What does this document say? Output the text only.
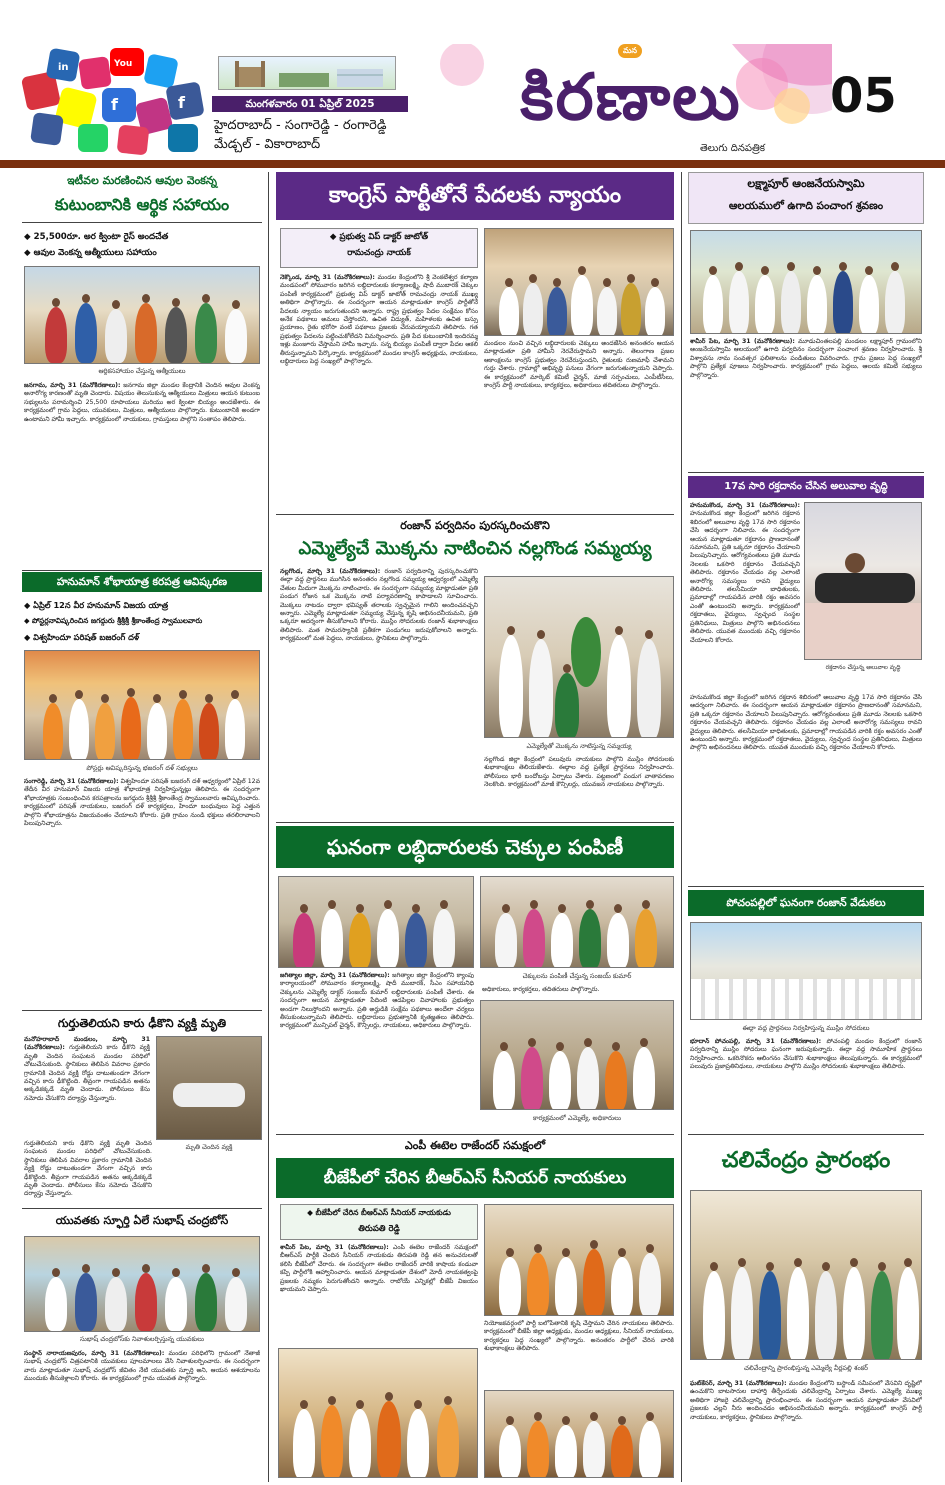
in	You
f
f	మంగళవారం 01 ఏప్రిల్ 2025
హైదరాబాద్ - సంగారెడ్డి - రంగారెడ్డి
మేడ్చల్ - వికారాబాద్
మన
కిరణాలు
తెలుగు దినపత్రిక
05
ఇటీవల మరణించిన ఆవుల వెంకన్న
కుటుంబానికి ఆర్థిక సహాయం
◆ 25,500రూ. అర క్వింటా రైస్ అందచేత
◆ ఆవుల వెంకన్న ఆత్మీయులు సహాయం
ఆర్థికసహాయం చేస్తున్న ఆత్మీయులు
జనగామ, మార్చి 31 (మనోకిరణాలు): జనగామ జిల్లా మండల కేంద్రానికి చెందిన ఆవుల వెంకన్న అనారోగ్య కారణంతో మృతి చెందారు. విషయం తెలుసుకున్న ఆత్మీయులు మిత్రులు ఆయన కుటుంబ సభ్యులను పరామర్శించి 25,500 రూపాయలు మరియు అర క్వింటా బియ్యం అందజేశారు. ఈ కార్యక్రమంలో గ్రామ పెద్దలు, యువకులు, మిత్రులు, ఆత్మీయులు పాల్గొన్నారు. కుటుంబానికి అండగా ఉంటామని హామీ ఇచ్చారు. కార్యక్రమంలో నాయకులు, గ్రామస్తులు పాల్గొని సంతాపం తెలిపారు.
హనుమాన్ శోభాయాత్ర కరపత్ర ఆవిష్కరణ
◆ ఏప్రిల్ 12న వీర హనుమాన్ విజయ యాత్ర
◆ పోస్టర్లనావిష్కరించిన జగద్గురు శ్రీశ్రీశ్రీ శ్రీకాంతేంద్ర స్వాములవారు
◆ విశ్వహిందూ పరిషత్ బజరంగ్ దళ్
పోస్టర్లు ఆవిష్కరిస్తున్న భజరంగ్ దళ్ సభ్యులు
సంగారెడ్డి, మార్చి 31 (మనోకిరణాలు): విశ్వహిందూ పరిషత్ బజరంగ్ దళ్ ఆధ్వర్యంలో ఏప్రిల్ 12వ తేదీన వీర హనుమాన్ విజయ యాత్ర శోభాయాత్ర నిర్వహిస్తున్నట్లు తెలిపారు. ఈ సందర్భంగా శోభాయాత్రకు సంబంధించిన కరపత్రాలను జగద్గురు శ్రీశ్రీశ్రీ శ్రీకాంతేంద్ర స్వాములవారు ఆవిష్కరించారు. కార్యక్రమంలో పరిషత్ నాయకులు, బజరంగ్ దళ్ కార్యకర్తలు, హిందూ బంధువులు పెద్ద ఎత్తున పాల్గొని శోభాయాత్రను విజయవంతం చేయాలని కోరారు. ప్రతి గ్రామం నుండి భక్తులు తరలిరావాలని పిలుపునిచ్చారు.
గుర్తుతెలియని కారు ఢీకొని వ్యక్తి మృతి
మనోహరాబాద్ మండలం, మార్చి 31 (మనోకిరణాలు): గుర్తుతెలియని కారు ఢీకొని వ్యక్తి మృతి చెందిన సంఘటన మండల పరిధిలో చోటుచేసుకుంది. స్థానికులు తెలిపిన వివరాల ప్రకారం గ్రామానికి చెందిన వ్యక్తి రోడ్డు దాటుతుండగా వేగంగా వచ్చిన కారు ఢీకొట్టింది. తీవ్రంగా గాయపడిన అతను అక్కడికక్కడే మృతి చెందాడు. పోలీసులు కేసు నమోదు చేసుకొని దర్యాప్తు చేస్తున్నారు.
మృతి చెందిన వ్యక్తి
గుర్తుతెలియని కారు ఢీకొని వ్యక్తి మృతి చెందిన సంఘటన మండల పరిధిలో చోటుచేసుకుంది. స్థానికులు తెలిపిన వివరాల ప్రకారం గ్రామానికి చెందిన వ్యక్తి రోడ్డు దాటుతుండగా వేగంగా వచ్చిన కారు ఢీకొట్టింది. తీవ్రంగా గాయపడిన అతను అక్కడికక్కడే మృతి చెందాడు. పోలీసులు కేసు నమోదు చేసుకొని దర్యాప్తు చేస్తున్నారు.
యువతకు స్ఫూర్తి ఏలే సుభాష్ చంద్రబోస్
సుభాష్ చంద్రబోస్‌కు నివాళులర్పిస్తున్న యువకులు
సంస్థాన్ నారాయణపురం, మార్చి 31 (మనోకిరణాలు): మండల పరిధిలోని గ్రామంలో నేతాజీ సుభాష్ చంద్రబోస్ చిత్రపటానికి యువకులు పూలమాలలు వేసి నివాళులర్పించారు. ఈ సందర్భంగా వారు మాట్లాడుతూ సుభాష్ చంద్రబోస్ జీవితం నేటి యువతకు స్ఫూర్తి అని, ఆయన ఆశయాలను ముందుకు తీసుకెళ్లాలని కోరారు. ఈ కార్యక్రమంలో గ్రామ యువత పాల్గొన్నారు.
కాంగ్రెస్ పార్టీతోనే పేదలకు న్యాయం
◆ ప్రభుత్వ విప్ డాక్టర్ జాటోత్
రామచంద్రు నాయక్
నెక్కొండ, మార్చి 31 (మనోకిరణాలు): మండల కేంద్రంలోని శ్రీ వెంకటేశ్వర కల్యాణ మండపంలో సోమవారం జరిగిన లబ్ధిదారులకు కల్యాణలక్ష్మి, షాదీ ముబారక్ చెక్కుల పంపిణీ కార్యక్రమంలో ప్రభుత్వ విప్ డాక్టర్ జాటోత్ రామచంద్రు నాయక్ ముఖ్య అతిథిగా పాల్గొన్నారు. ఈ సందర్భంగా ఆయన మాట్లాడుతూ కాంగ్రెస్ పార్టీతోనే పేదలకు న్యాయం జరుగుతుందని అన్నారు. రాష్ట్ర ప్రభుత్వం పేదల సంక్షేమం కోసం అనేక పథకాలు అమలు చేస్తోందని, ఉచిత విద్యుత్, మహిళలకు ఉచిత బస్సు ప్రయాణం, రైతు భరోసా వంటి పథకాలు ప్రజలకు చేరువయ్యాయని తెలిపారు. గత ప్రభుత్వం పేదలను పట్టించుకోలేదని విమర్శించారు. ప్రతి పేద కుటుంబానికి ఇందిరమ్మ ఇళ్లు మంజూరు చేస్తామని హామీ ఇచ్చారు. సన్న బియ్యం పంపిణీ ద్వారా పేదల ఆకలి తీరుస్తున్నామని పేర్కొన్నారు. కార్యక్రమంలో మండల కాంగ్రెస్ అధ్యక్షుడు, నాయకులు, లబ్ధిదారులు పెద్ద సంఖ్యలో పాల్గొన్నారు.
మండలం నుంచి వచ్చిన లబ్ధిదారులకు చెక్కులు అందజేసిన అనంతరం ఆయన మాట్లాడుతూ ప్రతి హామీని నెరవేరుస్తామని అన్నారు. తెలంగాణ ప్రజల ఆకాంక్షలను కాంగ్రెస్ ప్రభుత్వం నెరవేరుస్తుందని, రైతులకు రుణమాఫీ చేశామని గుర్తు చేశారు. గ్రామాల్లో అభివృద్ధి పనులు వేగంగా జరుగుతున్నాయని చెప్పారు. ఈ కార్యక్రమంలో మార్కెట్ కమిటీ చైర్మన్, మాజీ సర్పంచులు, ఎంపీటీసీలు, కాంగ్రెస్ పార్టీ నాయకులు, కార్యకర్తలు, అధికారులు తదితరులు పాల్గొన్నారు.
రంజాన్ పర్వదినం పురస్కరించుకొని
ఎమ్మెల్యేచే మొక్కను నాటించిన నల్లగొండ సమ్మయ్య
నల్లగొండ, మార్చి 31 (మనోకిరణాలు): రంజాన్ పర్వదినాన్ని పురస్కరించుకొని ఈద్గా వద్ద ప్రార్థనలు ముగిసిన అనంతరం నల్లగొండ సమ్మయ్య ఆధ్వర్యంలో ఎమ్మెల్యే చేతుల మీదుగా మొక్కను నాటించారు. ఈ సందర్భంగా సమ్మయ్య మాట్లాడుతూ ప్రతి పండుగ రోజున ఒక మొక్కను నాటి పర్యావరణాన్ని కాపాడాలని సూచించారు. మొక్కలు నాటడం ద్వారా భవిష్యత్ తరాలకు స్వచ్ఛమైన గాలిని అందించవచ్చని అన్నారు. ఎమ్మెల్యే మాట్లాడుతూ సమ్మయ్య చేస్తున్న కృషి అభినందనీయమని, ప్రతి ఒక్కరూ ఆదర్శంగా తీసుకోవాలని కోరారు. ముస్లిం సోదరులకు రంజాన్ శుభాకాంక్షలు తెలిపారు. మత సామరస్యానికి ప్రతీకగా పండుగలు జరుపుకోవాలని అన్నారు. కార్యక్రమంలో మత పెద్దలు, నాయకులు, స్థానికులు పాల్గొన్నారు.
ఎమ్మెల్యేతో మొక్కను నాటిస్తున్న సమ్మయ్య
నల్లగొండ జిల్లా కేంద్రంలో పలువురు నాయకులు పాల్గొని ముస్లిం సోదరులకు శుభాకాంక్షలు తెలియజేశారు. ఈద్గాల వద్ద ప్రత్యేక ప్రార్థనలు నిర్వహించారు. పోలీసులు భారీ బందోబస్తు ఏర్పాటు చేశారు. పట్టణంలో పండుగ వాతావరణం నెలకొంది. కార్యక్రమంలో మాజీ కౌన్సిలర్లు, యువజన నాయకులు పాల్గొన్నారు.
ఘనంగా లబ్ధిదారులకు చెక్కుల పంపిణీ
చెక్కులను పంపిణీ చేస్తున్న సంజయ్ కుమార్
జగిత్యాల జిల్లా, మార్చి 31 (మనోకిరణాలు): జగిత్యాల జిల్లా కేంద్రంలోని క్యాంపు కార్యాలయంలో సోమవారం కల్యాణలక్ష్మి, షాదీ ముబారక్, సీఎం సహాయనిధి చెక్కులను ఎమ్మెల్యే డాక్టర్ సంజయ్ కుమార్ లబ్ధిదారులకు పంపిణీ చేశారు. ఈ సందర్భంగా ఆయన మాట్లాడుతూ పేదింటి ఆడపిల్లల వివాహాలకు ప్రభుత్వం అండగా నిలుస్తోందని అన్నారు. ప్రతి అర్హుడికి సంక్షేమ పథకాలు అందేలా చర్యలు తీసుకుంటున్నామని తెలిపారు. లబ్ధిదారులు ప్రభుత్వానికి కృతజ్ఞతలు తెలిపారు. కార్యక్రమంలో మున్సిపల్ చైర్మన్, కౌన్సిలర్లు, నాయకులు, అధికారులు పాల్గొన్నారు.
అధికారులు, కార్యకర్తలు, తదితరులు పాల్గొన్నారు.
కార్యక్రమంలో ఎమ్మెల్యే, అధికారులు
ఎంపీ ఈటెల రాజేందర్ సమక్షంలో
బీజేపీలో చేరిన బీఆర్ఎస్ సీనియర్ నాయకులు
◆ బీజేపీలో చేరిన బీఆర్ఎస్ సీనియర్ నాయకుడు
తిరుపతి రెడ్డి
శామీర్ పేట, మార్చి 31 (మనోకిరణాలు): ఎంపీ ఈటెల రాజేందర్ సమక్షంలో బీఆర్ఎస్ పార్టీకి చెందిన సీనియర్ నాయకుడు తిరుపతి రెడ్డి తన అనుచరులతో కలిసి బీజేపీలో చేరారు. ఈ సందర్భంగా ఈటెల రాజేందర్ వారికి కాషాయ కండువా కప్పి పార్టీలోకి ఆహ్వానించారు. ఆయన మాట్లాడుతూ దేశంలో మోదీ నాయకత్వంపై ప్రజలకు నమ్మకం పెరుగుతోందని అన్నారు. రాబోయే ఎన్నికల్లో బీజేపీ విజయం ఖాయమని చెప్పారు.
నియోజకవర్గంలో పార్టీ బలోపేతానికి కృషి చేస్తామని చేరిన నాయకులు తెలిపారు. కార్యక్రమంలో బీజేపీ జిల్లా అధ్యక్షుడు, మండల అధ్యక్షులు, సీనియర్ నాయకులు, కార్యకర్తలు పెద్ద సంఖ్యలో పాల్గొన్నారు. అనంతరం పార్టీలో చేరిన వారికి శుభాకాంక్షలు తెలిపారు.
లక్ష్మాపూర్ ఆంజనేయస్వామి
ఆలయములో ఉగాది పంచాంగ శ్రవణం
శామీర్ పేట, మార్చి 31 (మనోకిరణాలు): మూడుచింతలపల్లి మండలం లక్ష్మాపూర్ గ్రామంలోని ఆంజనేయస్వామి ఆలయంలో ఉగాది పర్వదినం సందర్భంగా పంచాంగ శ్రవణం నిర్వహించారు. శ్రీ విశ్వావసు నామ సంవత్సర ఫలితాలను పండితులు వివరించారు. గ్రామ ప్రజలు పెద్ద సంఖ్యలో పాల్గొని ప్రత్యేక పూజలు నిర్వహించారు. కార్యక్రమంలో గ్రామ పెద్దలు, ఆలయ కమిటీ సభ్యులు పాల్గొన్నారు.
17వ సారి రక్తదానం చేసిన అలువాల వృద్ధి
హనుమకొండ, మార్చి 31 (మనోకిరణాలు): హనుమకొండ జిల్లా కేంద్రంలో జరిగిన రక్తదాన శిబిరంలో అలువాల వృద్ధి 17వ సారి రక్తదానం చేసి ఆదర్శంగా నిలిచారు. ఈ సందర్భంగా ఆయన మాట్లాడుతూ రక్తదానం ప్రాణదానంతో సమానమని, ప్రతి ఒక్కరూ రక్తదానం చేయాలని పిలుపునిచ్చారు. ఆరోగ్యవంతులు ప్రతి మూడు నెలలకు ఒకసారి రక్తదానం చేయవచ్చని తెలిపారు. రక్తదానం చేయడం వల్ల ఎలాంటి అనారోగ్య సమస్యలు రావని వైద్యులు తెలిపారు. తలసేమియా బాధితులకు, ప్రమాదాల్లో గాయపడిన వారికి రక్తం అవసరం ఎంతో ఉంటుందని అన్నారు. కార్యక్రమంలో రక్తదాతలు, వైద్యులు, స్వచ్ఛంద సంస్థల ప్రతినిధులు, మిత్రులు పాల్గొని అభినందనలు తెలిపారు. యువత ముందుకు వచ్చి రక్తదానం చేయాలని కోరారు.
రక్తదానం చేస్తున్న అలువాల వృద్ధి
హనుమకొండ జిల్లా కేంద్రంలో జరిగిన రక్తదాన శిబిరంలో అలువాల వృద్ధి 17వ సారి రక్తదానం చేసి ఆదర్శంగా నిలిచారు. ఈ సందర్భంగా ఆయన మాట్లాడుతూ రక్తదానం ప్రాణదానంతో సమానమని, ప్రతి ఒక్కరూ రక్తదానం చేయాలని పిలుపునిచ్చారు. ఆరోగ్యవంతులు ప్రతి మూడు నెలలకు ఒకసారి రక్తదానం చేయవచ్చని తెలిపారు. రక్తదానం చేయడం వల్ల ఎలాంటి అనారోగ్య సమస్యలు రావని వైద్యులు తెలిపారు. తలసేమియా బాధితులకు, ప్రమాదాల్లో గాయపడిన వారికి రక్తం అవసరం ఎంతో ఉంటుందని అన్నారు. కార్యక్రమంలో రక్తదాతలు, వైద్యులు, స్వచ్ఛంద సంస్థల ప్రతినిధులు, మిత్రులు పాల్గొని అభినందనలు తెలిపారు. యువత ముందుకు వచ్చి రక్తదానం చేయాలని కోరారు.
పోచంపల్లిలో ఘనంగా రంజాన్ వేడుకలు
ఈద్గా వద్ద ప్రార్థనలు నిర్వహిస్తున్న ముస్లిం సోదరులు
భూదాన్ పోచంపల్లి, మార్చి 31 (మనోకిరణాలు): పోచంపల్లి మండల కేంద్రంలో రంజాన్ పర్వదినాన్ని ముస్లిం సోదరులు ఘనంగా జరుపుకున్నారు. ఈద్గా వద్ద సామూహిక ప్రార్థనలు నిర్వహించారు. ఒకరినొకరు ఆలింగనం చేసుకొని శుభాకాంక్షలు తెలుపుకున్నారు. ఈ కార్యక్రమంలో పలువురు ప్రజాప్రతినిధులు, నాయకులు పాల్గొని ముస్లిం సోదరులకు శుభాకాంక్షలు తెలిపారు.
చలివేంద్రం ప్రారంభం
చలివేంద్రాన్ని ప్రారంభిస్తున్న ఎమ్మెల్యే వీర్లపల్లి శంకర్
ఘట్‌కేసర్, మార్చి 31 (మనోకిరణాలు): మండల కేంద్రంలోని బస్టాండ్ సమీపంలో వేసవిని దృష్టిలో ఉంచుకొని బాటసారుల దాహార్తి తీర్చేందుకు చలివేంద్రాన్ని ఏర్పాటు చేశారు. ఎమ్మెల్యే ముఖ్య అతిథిగా హాజరై చలివేంద్రాన్ని ప్రారంభించారు. ఈ సందర్భంగా ఆయన మాట్లాడుతూ వేసవిలో ప్రజలకు చల్లని నీరు అందించడం అభినందనీయమని అన్నారు. కార్యక్రమంలో కాంగ్రెస్ పార్టీ నాయకులు, కార్యకర్తలు, స్థానికులు పాల్గొన్నారు.
